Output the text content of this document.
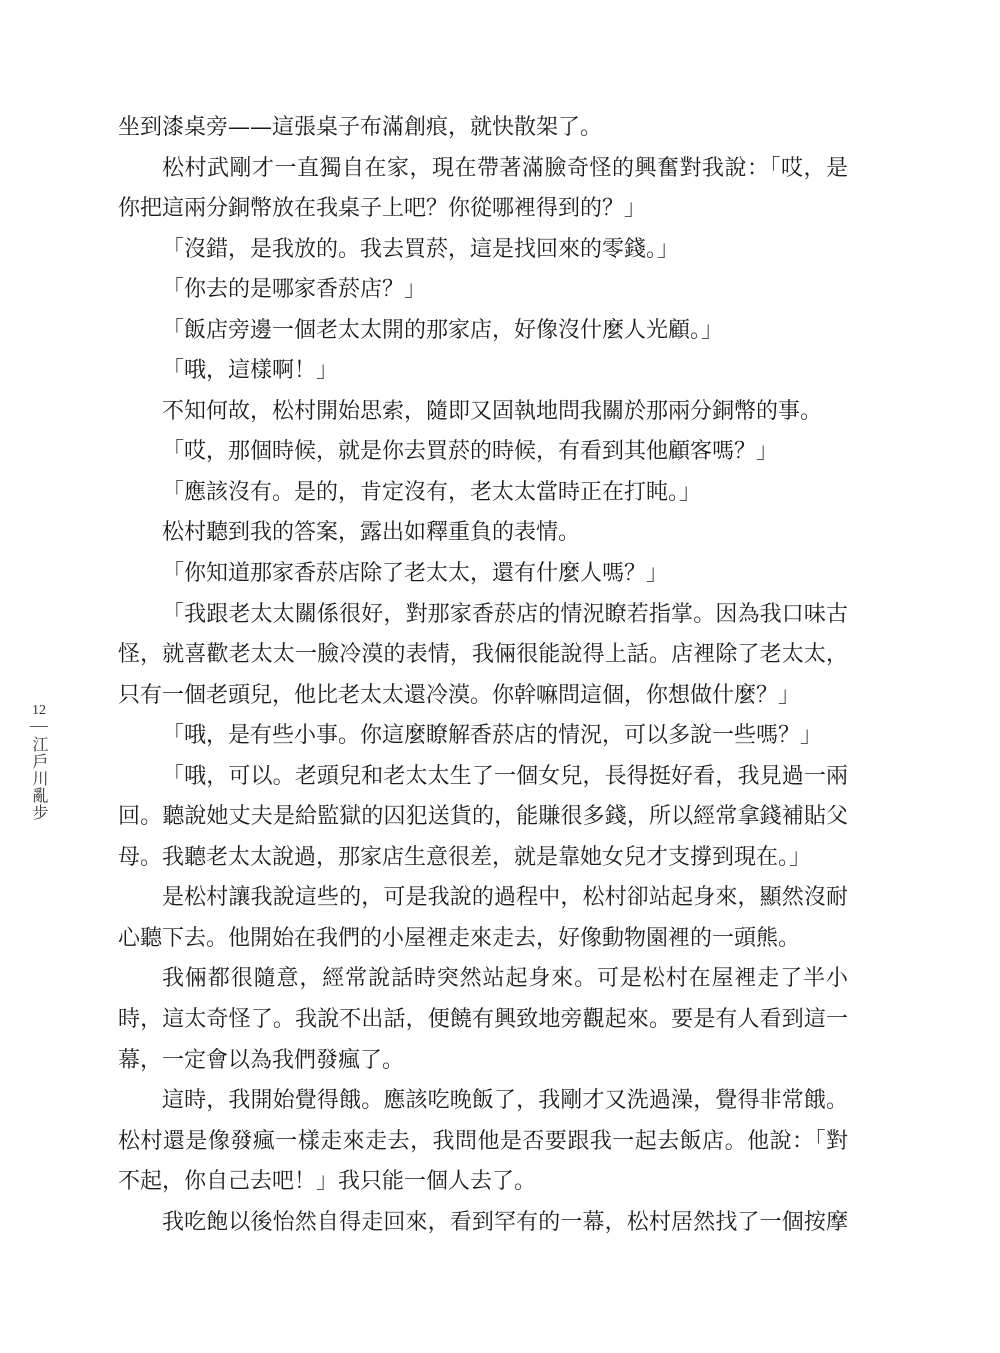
12
江戶川亂步
坐到漆桌旁——這張桌子布滿創痕，就快散架了。
松村武剛才一直獨自在家，現在帶著滿臉奇怪的興奮對我說：「哎，是
你把這兩分銅幣放在我桌子上吧？你從哪裡得到的？」
「沒錯，是我放的。我去買菸，這是找回來的零錢。」
「你去的是哪家香菸店？」
「飯店旁邊一個老太太開的那家店，好像沒什麼人光顧。」
「哦，這樣啊！」
不知何故，松村開始思索，隨即又固執地問我關於那兩分銅幣的事。
「哎，那個時候，就是你去買菸的時候，有看到其他顧客嗎？」
「應該沒有。是的，肯定沒有，老太太當時正在打盹。」
松村聽到我的答案，露出如釋重負的表情。
「你知道那家香菸店除了老太太，還有什麼人嗎？」
「我跟老太太關係很好，對那家香菸店的情況瞭若指掌。因為我口味古
怪，就喜歡老太太一臉冷漠的表情，我倆很能說得上話。店裡除了老太太，
只有一個老頭兒，他比老太太還冷漠。你幹嘛問這個，你想做什麼？」
「哦，是有些小事。你這麼瞭解香菸店的情況，可以多說一些嗎？」
「哦，可以。老頭兒和老太太生了一個女兒，長得挺好看，我見過一兩
回。聽說她丈夫是給監獄的囚犯送貨的，能賺很多錢，所以經常拿錢補貼父
母。我聽老太太說過，那家店生意很差，就是靠她女兒才支撐到現在。」
是松村讓我說這些的，可是我說的過程中，松村卻站起身來，顯然沒耐
心聽下去。他開始在我們的小屋裡走來走去，好像動物園裡的一頭熊。
我倆都很隨意，經常說話時突然站起身來。可是松村在屋裡走了半小
時，這太奇怪了。我說不出話，便饒有興致地旁觀起來。要是有人看到這一
幕，一定會以為我們發瘋了。
這時，我開始覺得餓。應該吃晚飯了，我剛才又洗過澡，覺得非常餓。
松村還是像發瘋一樣走來走去，我問他是否要跟我一起去飯店。他說：「對
不起，你自己去吧！」我只能一個人去了。
我吃飽以後怡然自得走回來，看到罕有的一幕，松村居然找了一個按摩
